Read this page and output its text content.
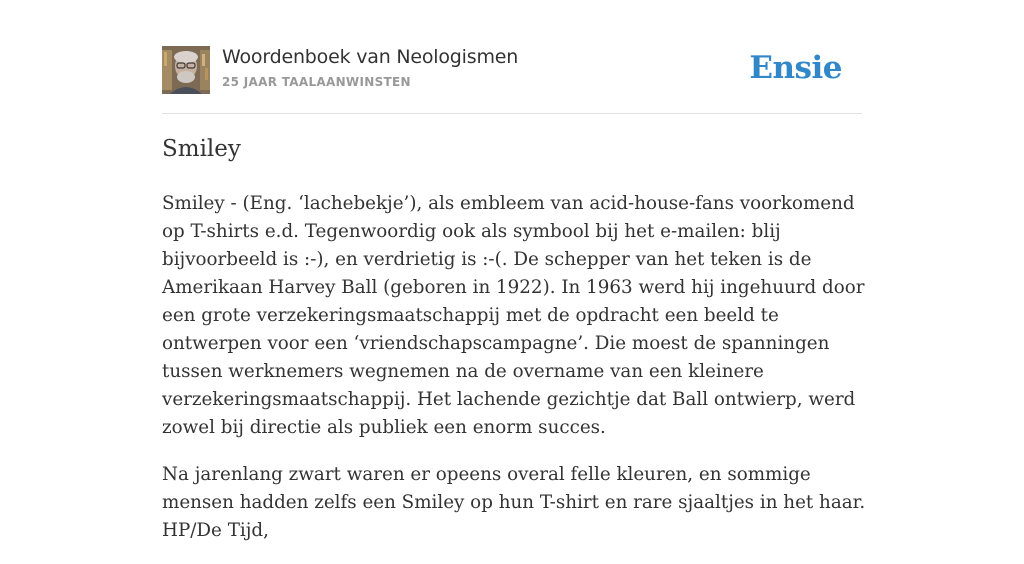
Woordenboek van Neologismen
25 JAAR TAALAANWINSTEN	Ensie
Smiley

Smiley - (Eng. ‘lachebekje’), als embleem van acid-house-fans voorkomend op T-shirts e.d. Tegenwoordig ook als symbool bij het e-mailen: blij bijvoorbeeld is :-), en verdrietig is :-(. De schepper van het teken is de Amerikaan Harvey Ball (geboren in 1922). In 1963 werd hij ingehuurd door een grote verzekeringsmaatschappij met de opdracht een beeld te ontwerpen voor een ‘vriendschapscampagne’. Die moest de spanningen tussen werknemers wegnemen na de overname van een kleinere verzekeringsmaatschappij. Het lachende gezichtje dat Ball ontwierp, werd zowel bij directie als publiek een enorm succes.

Na jarenlang zwart waren er opeens overal felle kleuren, en sommige mensen hadden zelfs een Smiley op hun T-shirt en rare sjaaltjes in het haar. HP/De Tijd,
